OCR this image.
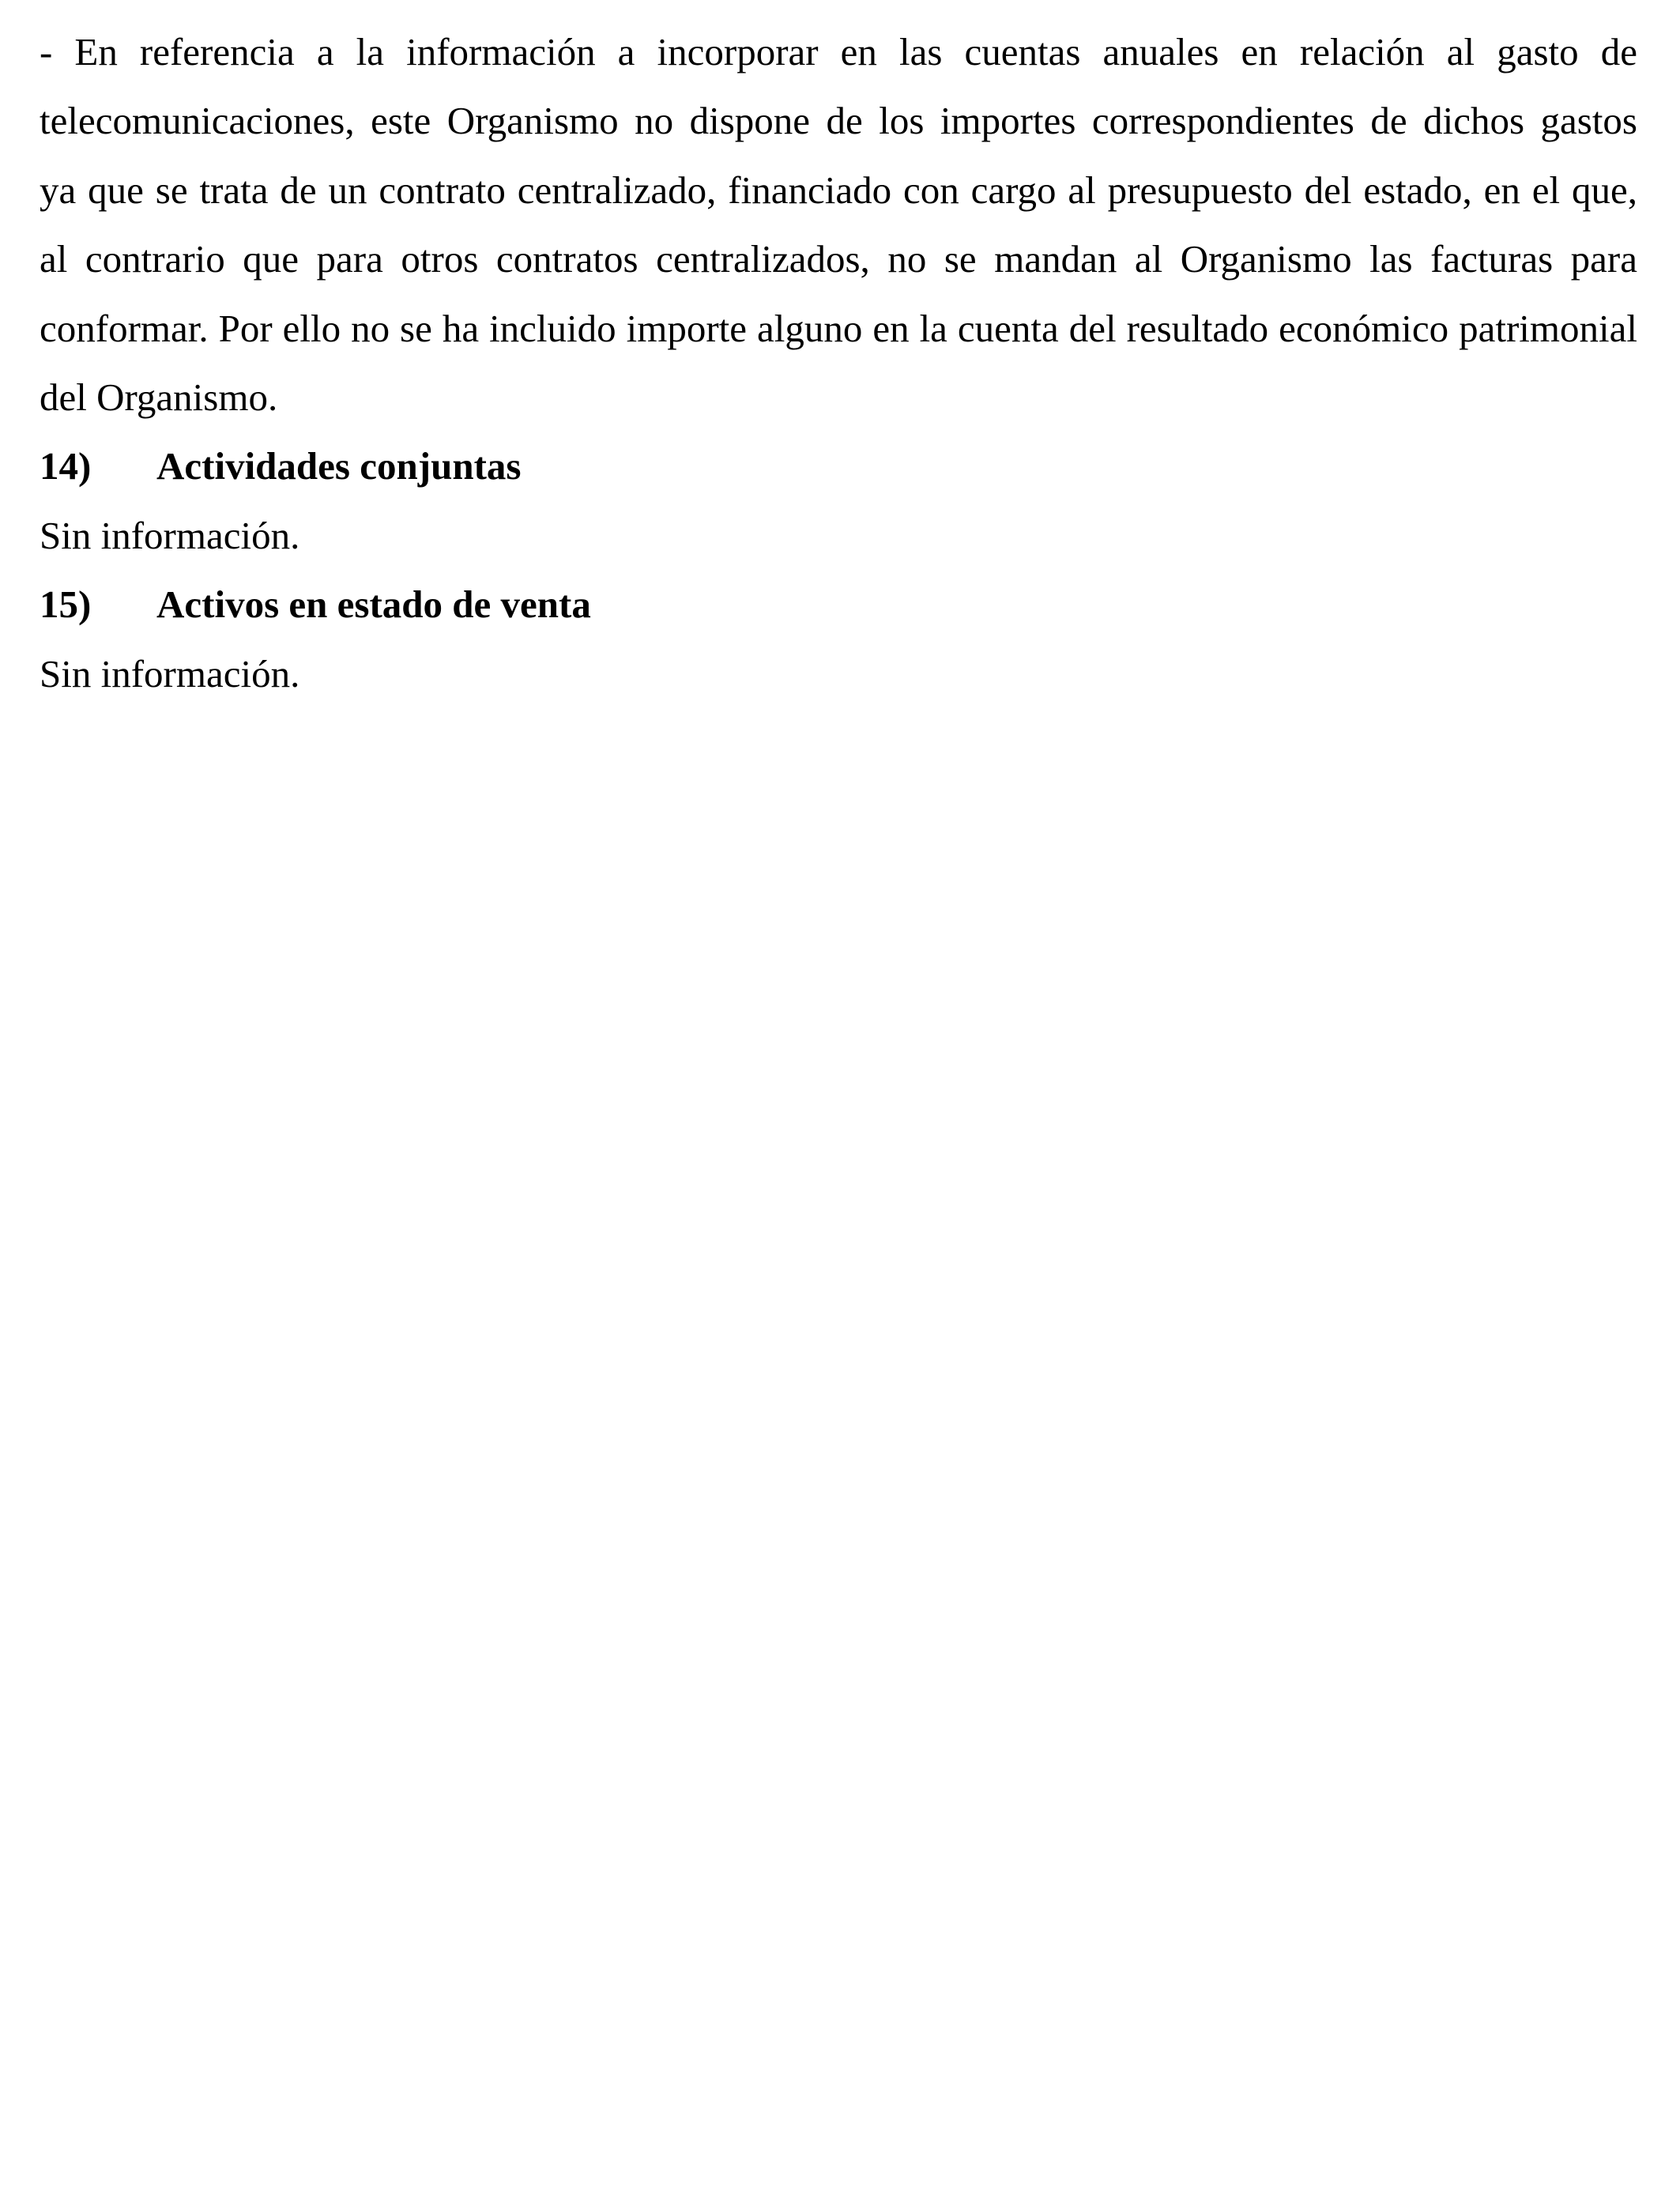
- En referencia a la información a incorporar en las cuentas anuales en relación al gasto de
telecomunicaciones, este Organismo no dispone de los importes correspondientes de dichos gastos
ya que se trata de un contrato centralizado, financiado con cargo al presupuesto del estado, en el que,
al contrario que para otros contratos centralizados, no se mandan al Organismo las facturas para
conformar. Por ello no se ha incluido importe alguno en la cuenta del resultado económico patrimonial
del Organismo.
14)	Actividades conjuntas

Sin información.

15)	Activos en estado de venta

Sin información.
